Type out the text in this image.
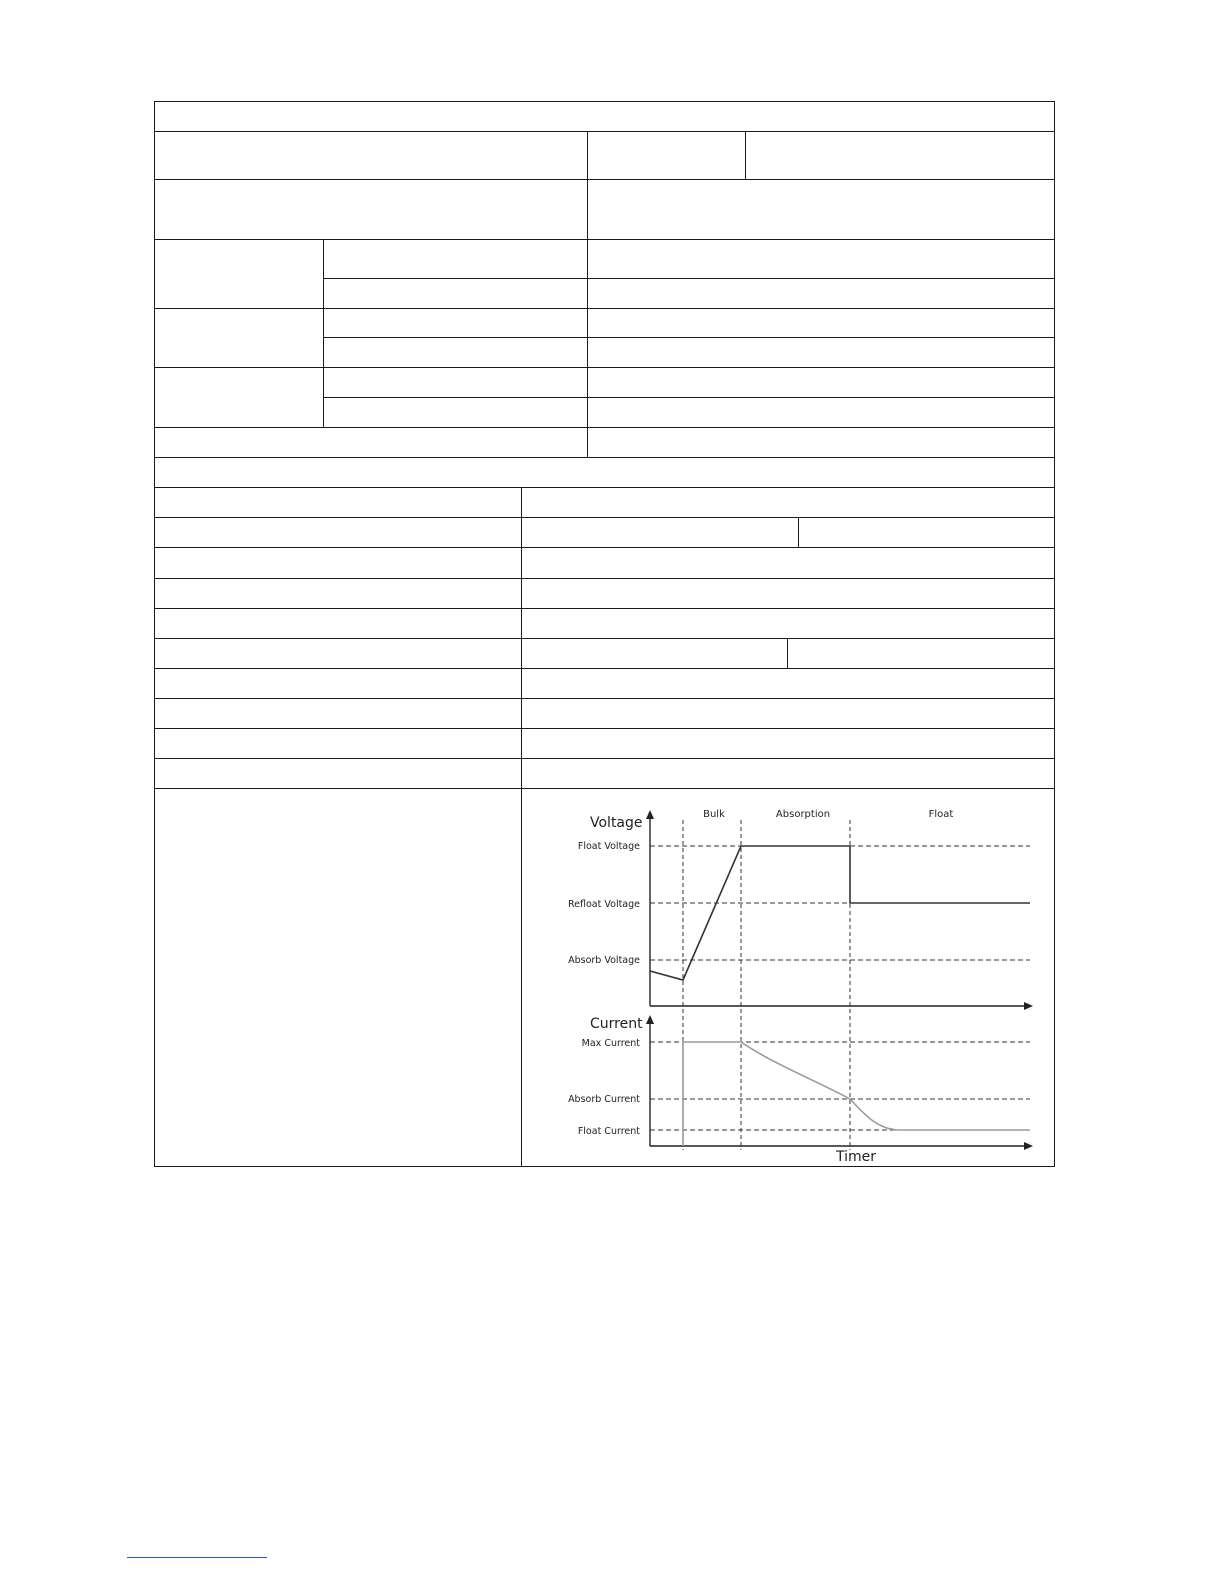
Bulk	Absorption	Float
Voltage
Current
Timer
Float Voltage
Refloat Voltage
Absorb Voltage
Max Current
Absorb Current
Float Current
